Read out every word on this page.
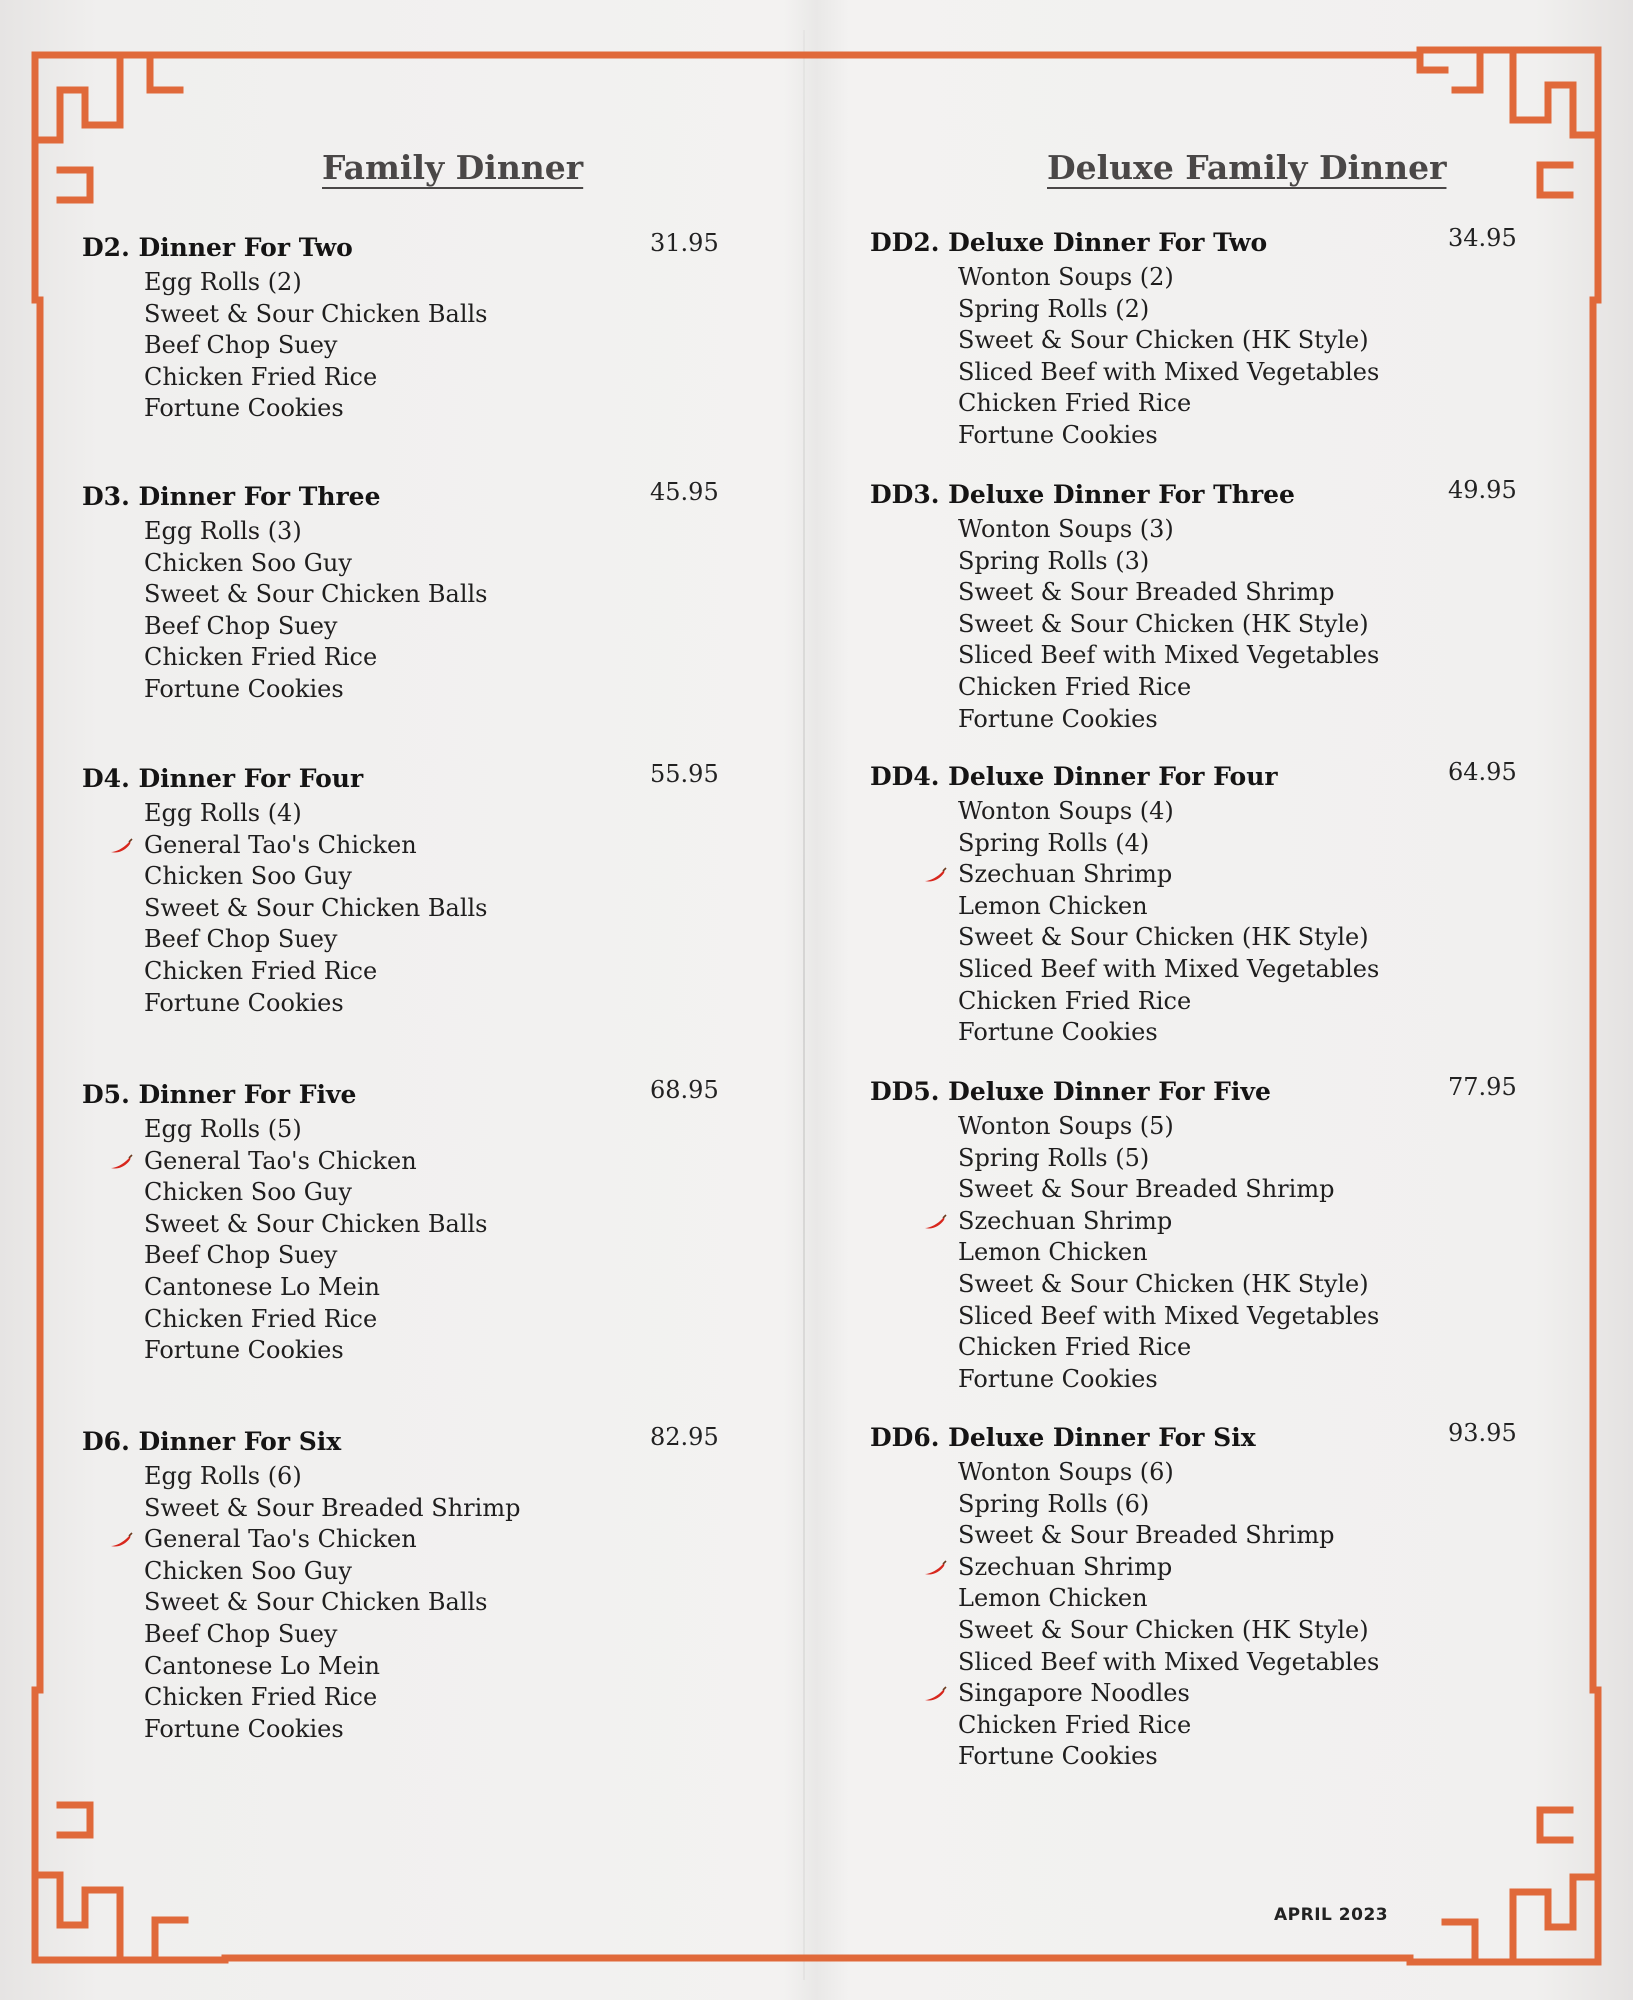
Family Dinner	Deluxe Family Dinner
D2. Dinner For Two	31.95
Egg Rolls (2)
Sweet & Sour Chicken Balls
Beef Chop Suey
Chicken Fried Rice
Fortune Cookies
D3. Dinner For Three	45.95
Egg Rolls (3)
Chicken Soo Guy
Sweet & Sour Chicken Balls
Beef Chop Suey
Chicken Fried Rice
Fortune Cookies
D4. Dinner For Four	55.95
Egg Rolls (4)
General Tao's Chicken
Chicken Soo Guy
Sweet & Sour Chicken Balls
Beef Chop Suey
Chicken Fried Rice
Fortune Cookies
D5. Dinner For Five	68.95
Egg Rolls (5)
General Tao's Chicken
Chicken Soo Guy
Sweet & Sour Chicken Balls
Beef Chop Suey
Cantonese Lo Mein
Chicken Fried Rice
Fortune Cookies
D6. Dinner For Six	82.95
Egg Rolls (6)
Sweet & Sour Breaded Shrimp
General Tao's Chicken
Chicken Soo Guy
Sweet & Sour Chicken Balls
Beef Chop Suey
Cantonese Lo Mein
Chicken Fried Rice
Fortune Cookies
DD2. Deluxe Dinner For Two	34.95
Wonton Soups (2)
Spring Rolls (2)
Sweet & Sour Chicken (HK Style)
Sliced Beef with Mixed Vegetables
Chicken Fried Rice
Fortune Cookies
DD3. Deluxe Dinner For Three	49.95
Wonton Soups (3)
Spring Rolls (3)
Sweet & Sour Breaded Shrimp
Sweet & Sour Chicken (HK Style)
Sliced Beef with Mixed Vegetables
Chicken Fried Rice
Fortune Cookies
DD4. Deluxe Dinner For Four	64.95
Wonton Soups (4)
Spring Rolls (4)
Szechuan Shrimp
Lemon Chicken
Sweet & Sour Chicken (HK Style)
Sliced Beef with Mixed Vegetables
Chicken Fried Rice
Fortune Cookies
DD5. Deluxe Dinner For Five	77.95
Wonton Soups (5)
Spring Rolls (5)
Sweet & Sour Breaded Shrimp
Szechuan Shrimp
Lemon Chicken
Sweet & Sour Chicken (HK Style)
Sliced Beef with Mixed Vegetables
Chicken Fried Rice
Fortune Cookies
DD6. Deluxe Dinner For Six	93.95
Wonton Soups (6)
Spring Rolls (6)
Sweet & Sour Breaded Shrimp
Szechuan Shrimp
Lemon Chicken
Sweet & Sour Chicken (HK Style)
Sliced Beef with Mixed Vegetables
Singapore Noodles
Chicken Fried Rice
Fortune Cookies
APRIL 2023
